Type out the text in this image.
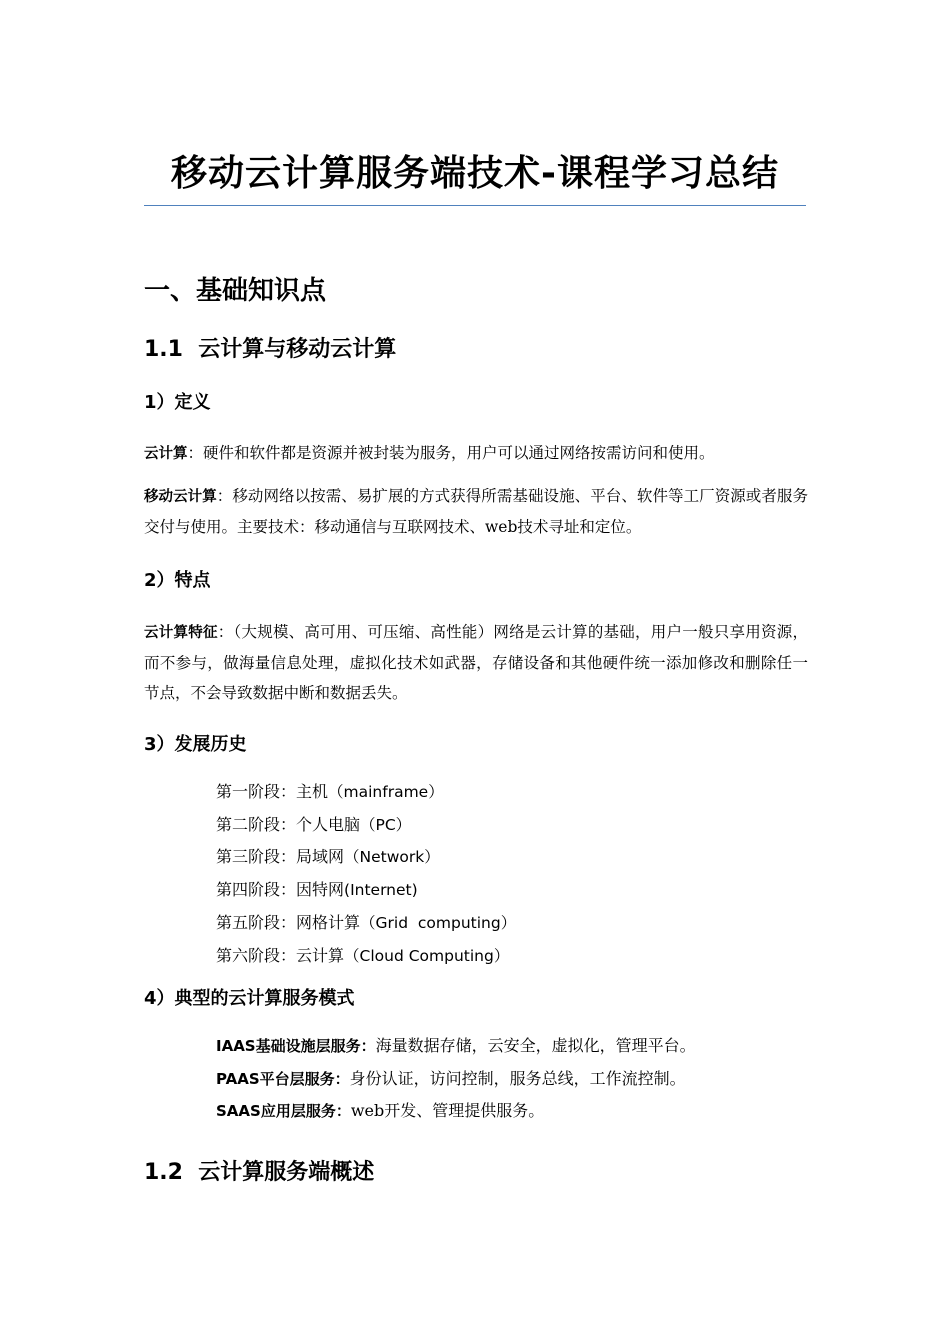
移动云计算服务端技术-课程学习总结
一、基础知识点
1.1  云计算与移动云计算
1）定义
云计算：硬件和软件都是资源并被封装为服务，用户可以通过网络按需访问和使用。
移动云计算：移动网络以按需、易扩展的方式获得所需基础设施、平台、软件等工厂资源或者服务交付与使用。主要技术：移动通信与互联网技术、web技术寻址和定位。
2）特点
云计算特征：（大规模、高可用、可压缩、高性能）网络是云计算的基础，用户一般只享用资源，而不参与，做海量信息处理，虚拟化技术如武器，存储设备和其他硬件统一添加修改和删除任一节点，不会导致数据中断和数据丢失。
3）发展历史
第一阶段：主机（mainframe）
第二阶段：个人电脑（PC）
第三阶段：局域网（Network）
第四阶段：因特网(Internet)
第五阶段：网格计算（Grid  computing）
第六阶段：云计算（Cloud Computing）
4）典型的云计算服务模式
IAAS基础设施层服务：海量数据存储，云安全，虚拟化，管理平台。
PAAS平台层服务：身份认证，访问控制，服务总线，工作流控制。
SAAS应用层服务：web开发、管理提供服务。
1.2  云计算服务端概述
